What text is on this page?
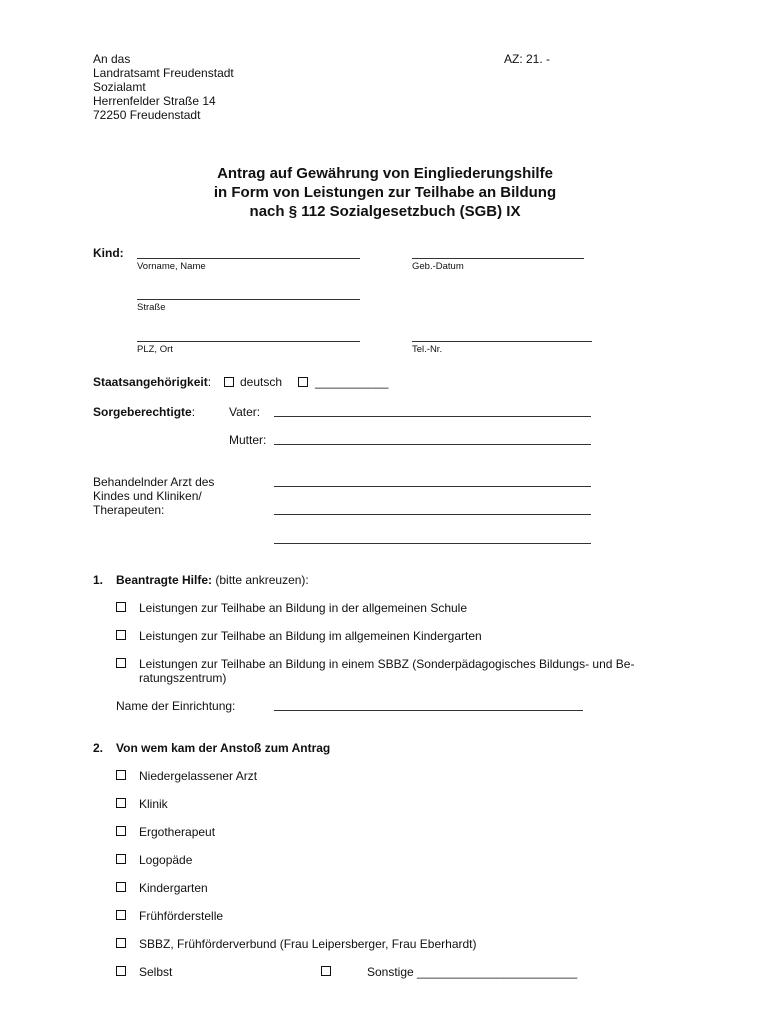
An das
Landratsamt Freudenstadt
Sozialamt
Herrenfelder Straße 14
72250 Freudenstadt
AZ: 21. -
Antrag auf Gewährung von Eingliederungshilfe
in Form von Leistungen zur Teilhabe an Bildung
nach § 112 Sozialgesetzbuch (SGB) IX
Kind:
Vorname, Name	Geb.-Datum
Straße
PLZ, Ort	Tel.-Nr.
Staatsangehörigkeit: deutsch	___________
Sorgeberechtigte:	Vater:
Mutter:
Behandelnder Arzt des
Kindes und Kliniken/
Therapeuten:
1. Beantragte Hilfe: (bitte ankreuzen):
Leistungen zur Teilhabe an Bildung in der allgemeinen Schule
Leistungen zur Teilhabe an Bildung im allgemeinen Kindergarten
Leistungen zur Teilhabe an Bildung in einem SBBZ (Sonderpädagogisches Bildungs- und Be-
ratungszentrum)
Name der Einrichtung:
2. Von wem kam der Anstoß zum Antrag
Niedergelassener Arzt
Klinik
Ergotherapeut
Logopäde
Kindergarten
Frühförderstelle
SBBZ, Frühförderverbund (Frau Leipersberger, Frau Eberhardt)
Selbst	Sonstige ________________________
